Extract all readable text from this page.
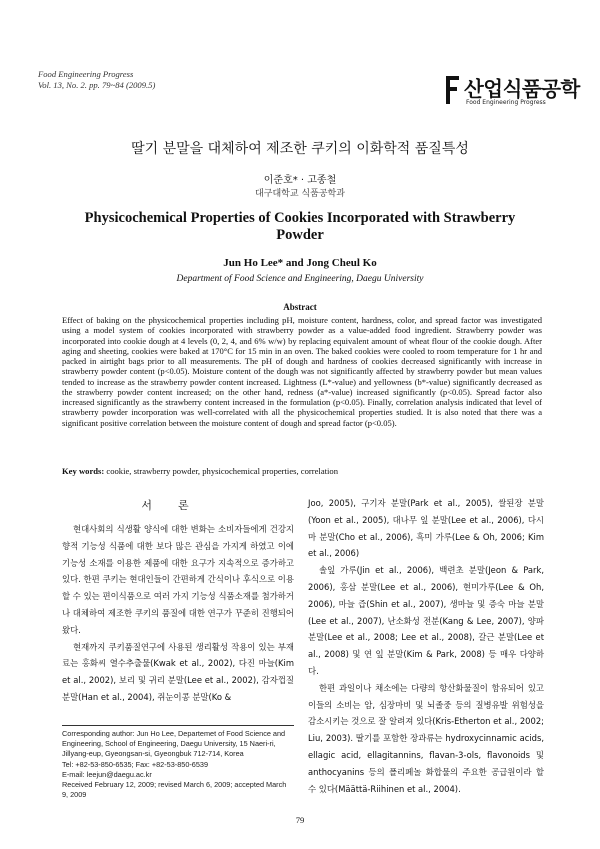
Food Engineering Progress
Vol. 13, No. 2. pp. 79~84 (2009.5)	산업식품공학
Food Engineering Progress
딸기 분말을 대체하여 제조한 쿠키의 이화학적 품질특성
이준호* · 고종철
대구대학교 식품공학과
Physicochemical Properties of Cookies Incorporated with Strawberry Powder
Jun Ho Lee* and Jong Cheul Ko
Department of Food Science and Engineering, Daegu University
Abstract
Effect of baking on the physicochemical properties including pH, moisture content, hardness, color, and spread factor was investigated using a model system of cookies incorporated with strawberry powder as a value-added food ingredient. Strawberry powder was incorporated into cookie dough at 4 levels (0, 2, 4, and 6% w/w) by replacing equivalent amount of wheat flour of the cookie dough. After aging and sheeting, cookies were baked at 170°C for 15 min in an oven. The baked cookies were cooled to room temperature for 1 hr and packed in airtight bags prior to all measurements. The pH of dough and hardness of cookies decreased significantly with increase in strawberry powder content (p<0.05). Moisture content of the dough was not significantly affected by strawberry powder but mean values tended to increase as the strawberry powder content increased. Lightness (L*-value) and yellowness (b*-value) significantly decreased as the strawberry powder content increased; on the other hand, redness (a*-value) increased significantly (p<0.05). Spread factor also increased significantly as the strawberry content increased in the formulation (p<0.05). Finally, correlation analysis indicated that level of strawberry powder incorporation was well-correlated with all the physicochemical properties studied. It is also noted that there was a significant positive correlation between the moisture content of dough and spread factor (p<0.05).
Key words: cookie, strawberry powder, physicochemical properties, correlation
서론

현대사회의 식생활 양식에 대한 변화는 소비자들에게 건강지향적 기능성 식품에 대한 보다 많은 관심을 가지게 하였고 이에 기능성 소재를 이용한 제품에 대한 요구가 지속적으로 증가하고 있다. 한편 쿠키는 현대인들이 간편하게 간식이나 후식으로 이용할 수 있는 편이식품으로 여러 가지 기능성 식품소재를 첨가하거나 대체하여 제조한 쿠키의 품질에 대한 연구가 꾸준히 진행되어 왔다.

현재까지 쿠키품질연구에 사용된 생리활성 작용이 있는 부재료는 홍화씨 열수추출물(Kwak et al., 2002), 다진 마늘(Kim et al., 2002), 보리 및 귀리 분말(Lee et al., 2002), 감자껍질 분말(Han et al., 2004), 쥐눈이콩 분말(Ko &

Joo, 2005), 구기자 분말(Park et al., 2005), 쌀된장 분말(Yoon et al., 2005), 대나무 잎 분말(Lee et al., 2006), 다시마 분말(Cho et al., 2006), 흑미 가루(Lee & Oh, 2006; Kim et al., 2006)

솔잎 가루(Jin et al., 2006), 백련초 분말(Jeon & Park, 2006), 홍삼 분말(Lee et al., 2006), 현미가루(Lee & Oh, 2006), 마늘 즙(Shin et al., 2007), 생마늘 및 증숙 마늘 분말(Lee et al., 2007), 난소화성 전분(Kang & Lee, 2007), 양파 분말(Lee et al., 2008; Lee et al., 2008), 갈근 분말(Lee et al., 2008) 및 연 잎 분말(Kim & Park, 2008) 등 매우 다양하다.

한편 과일이나 채소에는 다량의 항산화물질이 함유되어 있고 이들의 소비는 암, 심장마비 및 뇌졸중 등의 질병유발 위험성을 감소시키는 것으로 잘 알려져 있다(Kris-Etherton et al., 2002; Liu, 2003). 딸기를 포함한 장과류는 hydroxycinnamic acids, ellagic acid, ellagitannins, flavan-3-ols, flavonoids 및 anthocyanins 등의 폴리페놀 화합물의 주요한 공급원이라 할 수 있다(Määttä-Riihinen et al., 2004).

Corresponding author: Jun Ho Lee, Departemet of Food Science and Engineering, School of Engineering, Daegu University, 15 Naeri-ri, Jillyang-eup, Gyeongsan-si, Gyeongbuk 712-714, Korea
Tel: +82-53-850-6535; Fax: +82-53-850-6539
E-mail: leejun@daegu.ac.kr
Received February 12, 2009; revised March 6, 2009; accepted March 9, 2009
79
